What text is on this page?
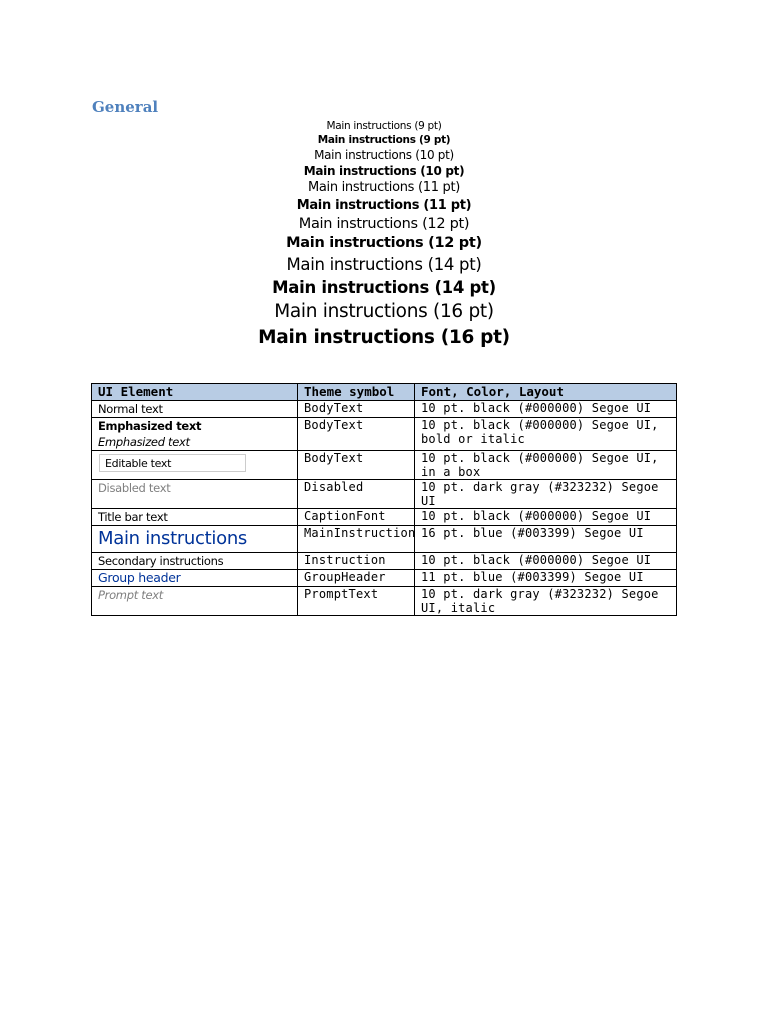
General
Main instructions (9 pt)
Main instructions (9 pt)
Main instructions (10 pt)
Main instructions (10 pt)
Main instructions (11 pt)
Main instructions (11 pt)
Main instructions (12 pt)
Main instructions (12 pt)
Main instructions (14 pt)
Main instructions (14 pt)
Main instructions (16 pt)
Main instructions (16 pt)
UI Element	Theme symbol	Font, Color, Layout

Normal text	BodyText	10 pt. black (#000000) Segoe UI

Emphasized text
Emphasized text	BodyText	10 pt. black (#000000) Segoe UI, bold or italic

Editable text	BodyText	10 pt. black (#000000) Segoe UI, in a box

Disabled text	Disabled	10 pt. dark gray (#323232) Segoe UI

Title bar text	CaptionFont	10 pt. black (#000000) Segoe UI

Main instructions	MainInstruction	16 pt. blue (#003399) Segoe UI

Secondary instructions	Instruction	10 pt. black (#000000) Segoe UI

Group header	GroupHeader	11 pt. blue (#003399) Segoe UI

Prompt text	PromptText	10 pt. dark gray (#323232) Segoe UI, italic
